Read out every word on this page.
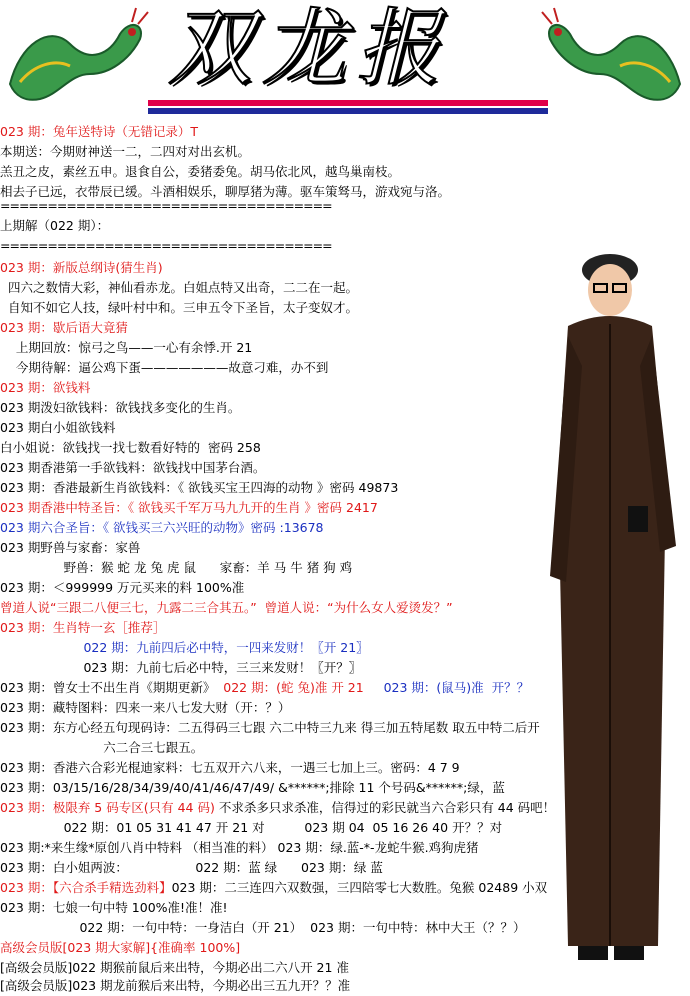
双龙报
023 期：兔年送特诗（无错记录）T
本期送：今期财神送一二，二四对对出玄机。
羔丑之皮，素丝五申。退食自公，委猪委兔。胡马依北风，越鸟巢南枝。
相去子已远，衣带辰已缓。斗酒相娱乐，聊厚猪为薄。驱车策驽马，游戏宛与洛。
上期解（022 期）：
023 期：新版总纲诗(猜生肖)
四六之数情大彩，神仙看赤龙。白姐点特又出奇，二二在一起。
自知不如它人技，绿叶村中和。三申五令下圣旨，太子变奴才。
023 期：歇后语大竟猜
上期回放：惊弓之鸟——一心有余悸.开 21
今期待解：逼公鸡下蛋———————故意刁难，办不到
023 期：欲钱料
023 期泼妇欲钱料：欲钱找多变化的生肖。
023 期白小姐欲钱料
白小姐说：欲钱找一找七数看好特的  密码 258
023 期香港第一手欲钱料：欲钱找中国茅台酒。
023 期：香港最新生肖欲钱料：《 欲钱买宝王四海的动物 》密码 49873
023 期香港中特圣旨：《 欲钱买千军万马九九开的生肖 》密码 2417
023 期六合圣旨：《 欲钱买三六兴旺的动物》密码 :13678
023 期野兽与家畜：家兽
野兽：猴 蛇 龙 兔 虎 鼠      家畜：羊 马 牛 猪 狗 鸡
023 期：＜999999 万元买来的料 100%准
曾道人说“三跟二八便三七，九露二三合其五。”  曾道人说：“为什么女人爱烫发？”
023 期：生肖特一玄［推荐］
022 期：九前四后必中特，一四来发财！〖开 21〗
023 期：九前七后必中特，三三来发财！〖开？〗
023 期：曾女士不出生肖《期期更新》  022 期：(蛇 兔)准 开 21     023 期：(鼠马)准  开？？
023 期：藏特图料：四来一来八七发大财（开：？）
023 期：东方心经五句现码诗：二五得码三七跟 六二中特三九来 得三加五特尾数 取五中特二后开
六二合三七跟五。
023 期：香港六合彩光棍迪家料：七五双开六八来，一遇三七加上三。密码：4 7 9
023 期：03/15/16/28/34/39/40/41/46/47/49/ &******;排除 11 个号码&******;绿，蓝
023 期：极限弃 5 码专区(只有 44 码) 不求杀多只求杀准，信得过的彩民就当六合彩只有 44 码吧！
022 期：01 05 31 41 47 开 21 对          023 期 04  05 16 26 40 开？？对
023 期:*来生缘*原创八肖中特料 （相当准的料） 023 期：绿.蓝-*-龙蛇牛猴.鸡狗虎猪
023 期：白小姐两波：                 022 期：蓝 绿      023 期：绿 蓝
023 期：【六合杀手精选劲料】023 期：二三连四六双数强，三四陪零七大数胜。兔猴 02489 小双
023 期：七娘一句中特 100%准!准！准!
022 期：一句中特：一身洁白（开 21）  023 期：一句中特：林中大王（？？）
高级会员版[023 期大家解]{准确率 100%]
[高级会员版]022 期猴前鼠后来出特，今期必出二六八开 21 准
[高级会员版]023 期龙前猴后来出特，今期必出三五九开？？准
===================================
===================================
